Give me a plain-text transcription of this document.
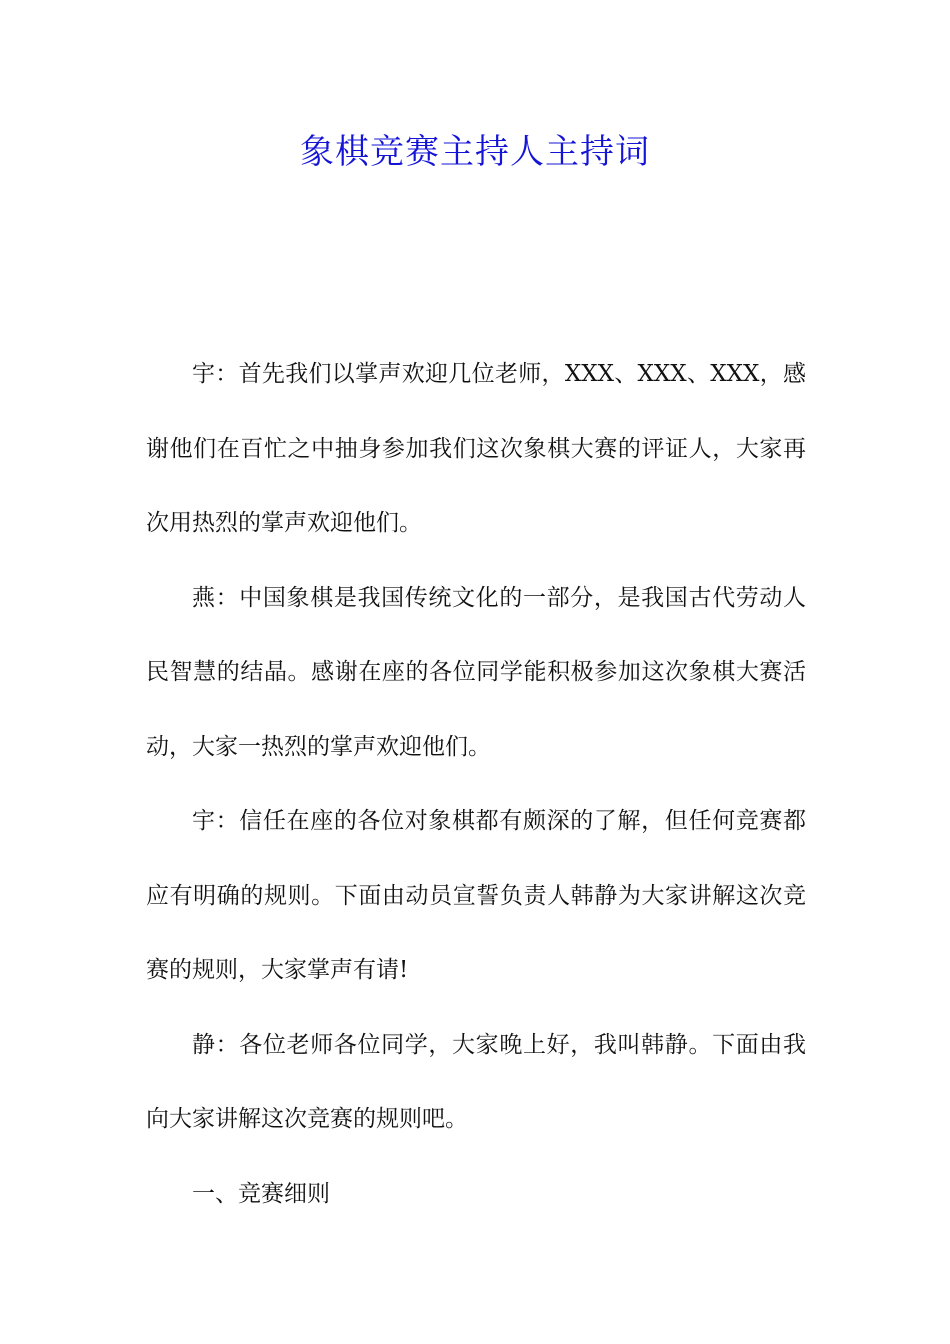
象棋竞赛主持人主持词

宇：首先我们以掌声欢迎几位老师，XXX、XXX、XXX，感谢他们在百忙之中抽身参加我们这次象棋大赛的评证人，大家再次用热烈的掌声欢迎他们。

燕：中国象棋是我国传统文化的一部分，是我国古代劳动人民智慧的结晶。感谢在座的各位同学能积极参加这次象棋大赛活动，大家一热烈的掌声欢迎他们。

宇：信任在座的各位对象棋都有颇深的了解，但任何竞赛都应有明确的规则。下面由动员宣誓负责人韩静为大家讲解这次竞赛的规则，大家掌声有请!

静：各位老师各位同学，大家晚上好，我叫韩静。下面由我向大家讲解这次竞赛的规则吧。

一、竞赛细则
